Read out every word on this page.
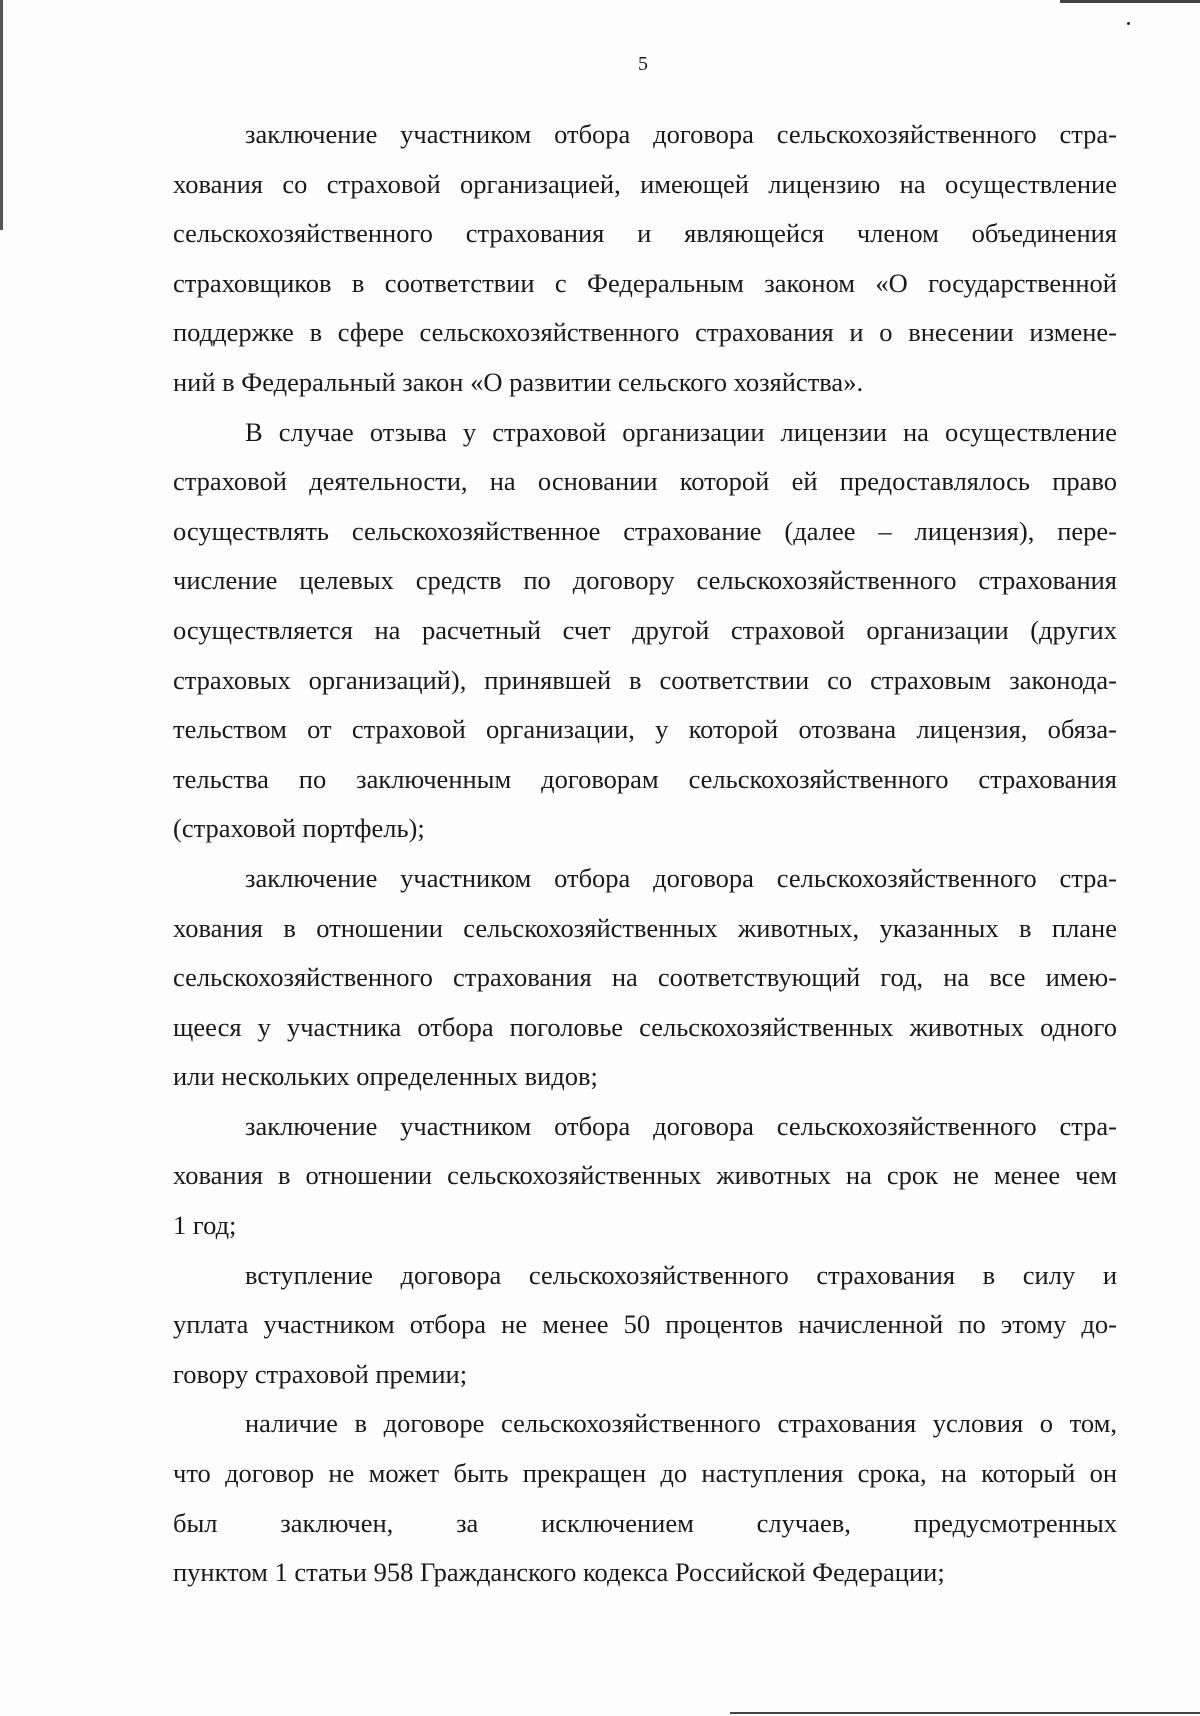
5
заключение участником отбора договора сельскохозяйственного стра-
хования со страховой организацией, имеющей лицензию на осуществление
сельскохозяйственного страхования и являющейся членом объединения
страховщиков в соответствии с Федеральным законом «О государственной
поддержке в сфере сельскохозяйственного страхования и о внесении измене-
ний в Федеральный закон «О развитии сельского хозяйства».
В случае отзыва у страховой организации лицензии на осуществление
страховой деятельности, на основании которой ей предоставлялось право
осуществлять сельскохозяйственное страхование (далее – лицензия), пере-
числение целевых средств по договору сельскохозяйственного страхования
осуществляется на расчетный счет другой страховой организации (других
страховых организаций), принявшей в соответствии со страховым законода-
тельством от страховой организации, у которой отозвана лицензия, обяза-
тельства по заключенным договорам сельскохозяйственного страхования
(страховой портфель);
заключение участником отбора договора сельскохозяйственного стра-
хования в отношении сельскохозяйственных животных, указанных в плане
сельскохозяйственного страхования на соответствующий год, на все имею-
щееся у участника отбора поголовье сельскохозяйственных животных одного
или нескольких определенных видов;
заключение участником отбора договора сельскохозяйственного стра-
хования в отношении сельскохозяйственных животных на срок не менее чем
1 год;
вступление договора сельскохозяйственного страхования в силу и
уплата участником отбора не менее 50 процентов начисленной по этому до-
говору страховой премии;
наличие в договоре сельскохозяйственного страхования условия о том,
что договор не может быть прекращен до наступления срока, на который он
был заключен, за исключением случаев, предусмотренных
пунктом 1 статьи 958 Гражданского кодекса Российской Федерации;
